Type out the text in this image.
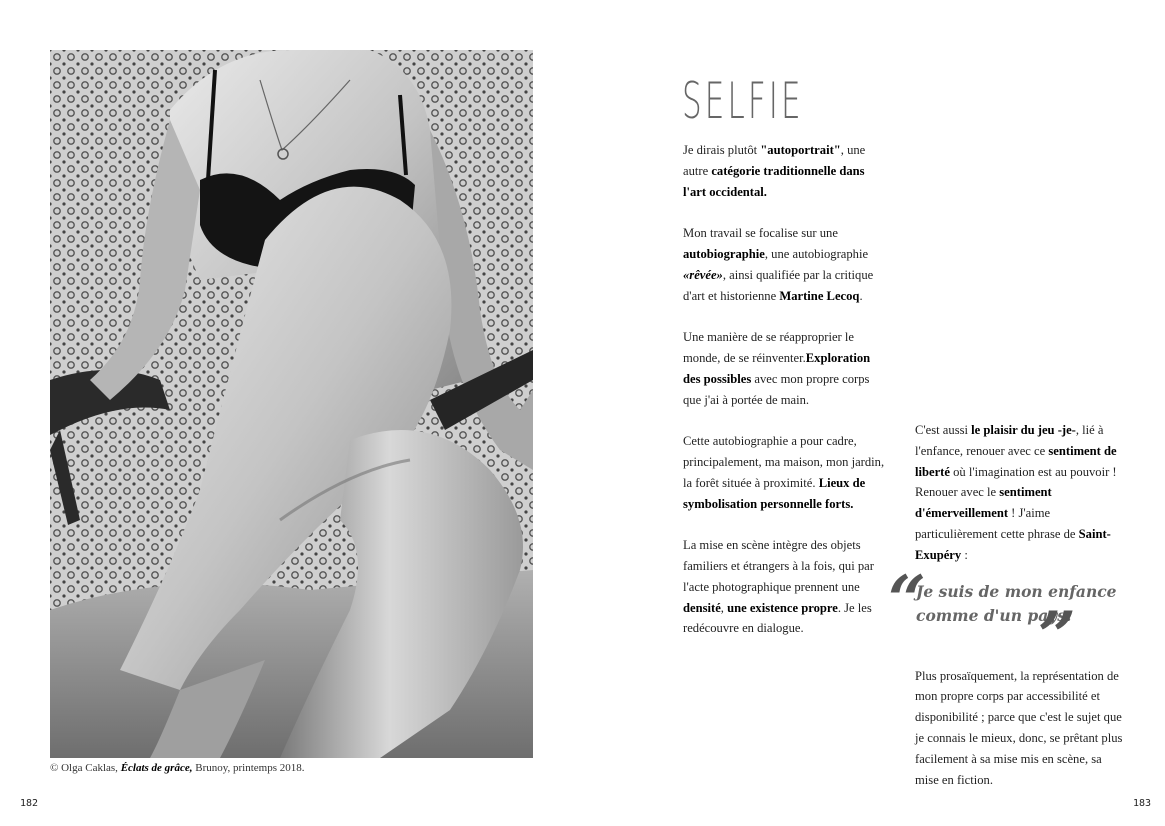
© Olga Caklas, Éclats de grâce, Brunoy, printemps 2018.
182	183
SELFIE

Je dirais plutôt "autoportrait", une autre catégorie traditionnelle dans l'art occidental.

Mon travail se focalise sur une autobiographie, une autobiographie «rêvée», ainsi qualifiée par la critique d'art et historienne Martine Lecoq.

Une manière de se réapproprier le monde, de se réinventer.Exploration des possibles avec mon propre corps que j'ai à portée de main.

Cette autobiographie a pour cadre, principalement, ma maison, mon jardin, la forêt située à proximité. Lieux de symbolisation personnelle forts.

La mise en scène intègre des objets familiers et étrangers à la fois, qui par l'acte photographique prennent une densité, une existence propre. Je les redécouvre en dialogue.

C'est aussi le plaisir du jeu -je-, lié à l'enfance, renouer avec ce sentiment de liberté où l'imagination est au pouvoir ! Renouer avec le sentiment d'émerveillement ! J'aime particulièrement cette phrase de Saint-Exupéry :

Plus prosaïquement, la représentation de mon propre corps par accessibilité et disponibilité ; parce que c'est le sujet que je connais le mieux, donc, se prêtant plus facilement à sa mise mis en scène, sa mise en fiction.

“
Je suis de mon enfance comme d'un pays.
”
